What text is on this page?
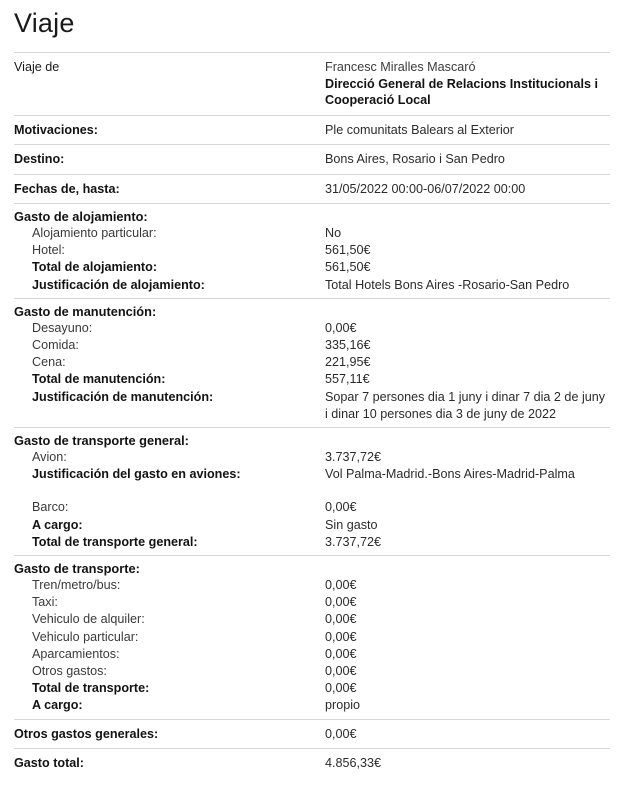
Viaje
Viaje de	Francesc Miralles Mascaró
Direcció General de Relacions Institucionals i Cooperació Local
Motivaciones:	Ple comunitats Balears al Exterior
Destino:	Bons Aires, Rosario i San Pedro
Fechas de, hasta:	31/05/2022 00:00-06/07/2022 00:00
Gasto de alojamiento:
Alojamiento particular:	No
Hotel:	561,50€
Total de alojamiento:	561,50€
Justificación de alojamiento:	Total Hotels Bons Aires -Rosario-San Pedro
Gasto de manutención:
Desayuno:	0,00€
Comida:	335,16€
Cena:	221,95€
Total de manutención:	557,11€
Justificación de manutención:	Sopar 7 persones dia 1 juny i dinar 7 dia 2 de juny i dinar 10 persones dia 3 de juny de 2022
Gasto de transporte general:
Avion:	3.737,72€
Justificación del gasto en aviones:	Vol Palma-Madrid.-Bons Aires-Madrid-Palma
Barco:	0,00€
A cargo:	Sin gasto
Total de transporte general:	3.737,72€
Gasto de transporte:
Tren/metro/bus:	0,00€
Taxi:	0,00€
Vehiculo de alquiler:	0,00€
Vehiculo particular:	0,00€
Aparcamientos:	0,00€
Otros gastos:	0,00€
Total de transporte:	0,00€
A cargo:	propio
Otros gastos generales:	0,00€
Gasto total:	4.856,33€
